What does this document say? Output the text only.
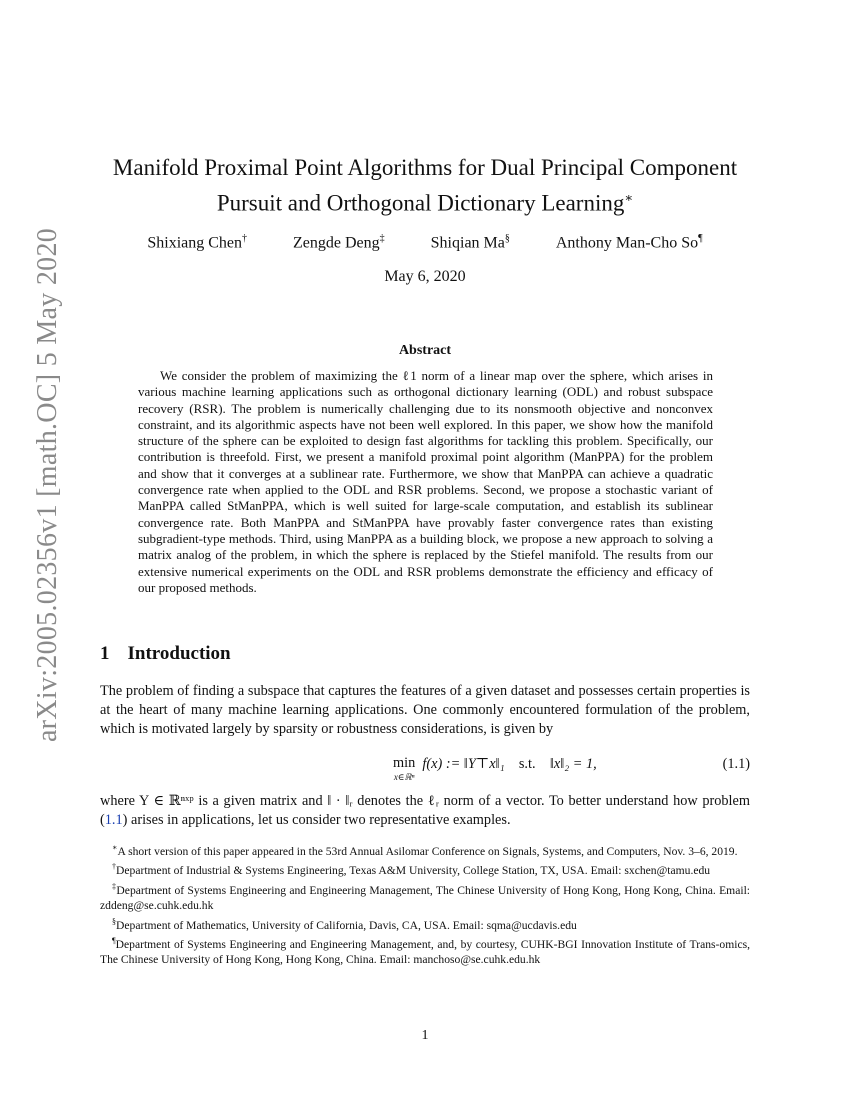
arXiv:2005.02356v1 [math.OC] 5 May 2020
Manifold Proximal Point Algorithms for Dual Principal Component
Pursuit and Orthogonal Dictionary Learning∗
Shixiang Chen†	Zengde Deng‡	Shiqian Ma§	Anthony Man-Cho So¶
May 6, 2020
Abstract
We consider the problem of maximizing the ℓ1 norm of a linear map over the sphere, which arises in various machine learning applications such as orthogonal dictionary learning (ODL) and robust subspace recovery (RSR). The problem is numerically challenging due to its nonsmooth objective and nonconvex constraint, and its algorithmic aspects have not been well explored. In this paper, we show how the manifold structure of the sphere can be exploited to design fast algorithms for tackling this problem. Specifically, our contribution is threefold. First, we present a manifold proximal point algorithm (ManPPA) for the problem and show that it converges at a sublinear rate. Furthermore, we show that ManPPA can achieve a quadratic convergence rate when applied to the ODL and RSR problems. Second, we propose a stochastic variant of ManPPA called StManPPA, which is well suited for large-scale computation, and establish its sublinear convergence rate. Both ManPPA and StManPPA have provably faster convergence rates than existing subgradient-type methods. Third, using ManPPA as a building block, we propose a new approach to solving a matrix analog of the problem, in which the sphere is replaced by the Stiefel manifold. The results from our extensive numerical experiments on the ODL and RSR problems demonstrate the efficiency and efficacy of our proposed methods.
1 Introduction
The problem of finding a subspace that captures the features of a given dataset and possesses certain properties is at the heart of many machine learning applications. One commonly encountered formulation of the problem, which is motivated largely by sparsity or robustness considerations, is given by
min
x∈ℝⁿ
f(x) := ‖Y⊤x‖₁ s.t. ‖x‖₂ = 1,	(1.1)
where Y ∈ ℝⁿˣᵖ is a given matrix and ‖ · ‖ᵣ denotes the ℓᵣ norm of a vector. To better understand how problem (1.1) arises in applications, let us consider two representative examples.

∗A short version of this paper appeared in the 53rd Annual Asilomar Conference on Signals, Systems, and Computers, Nov. 3–6, 2019.

†Department of Industrial & Systems Engineering, Texas A&M University, College Station, TX, USA. Email: sxchen@tamu.edu

‡Department of Systems Engineering and Engineering Management, The Chinese University of Hong Kong, Hong Kong, China. Email: zddeng@se.cuhk.edu.hk

§Department of Mathematics, University of California, Davis, CA, USA. Email: sqma@ucdavis.edu

¶Department of Systems Engineering and Engineering Management, and, by courtesy, CUHK-BGI Innovation Institute of Trans-omics, The Chinese University of Hong Kong, Hong Kong, China. Email: manchoso@se.cuhk.edu.hk

1
